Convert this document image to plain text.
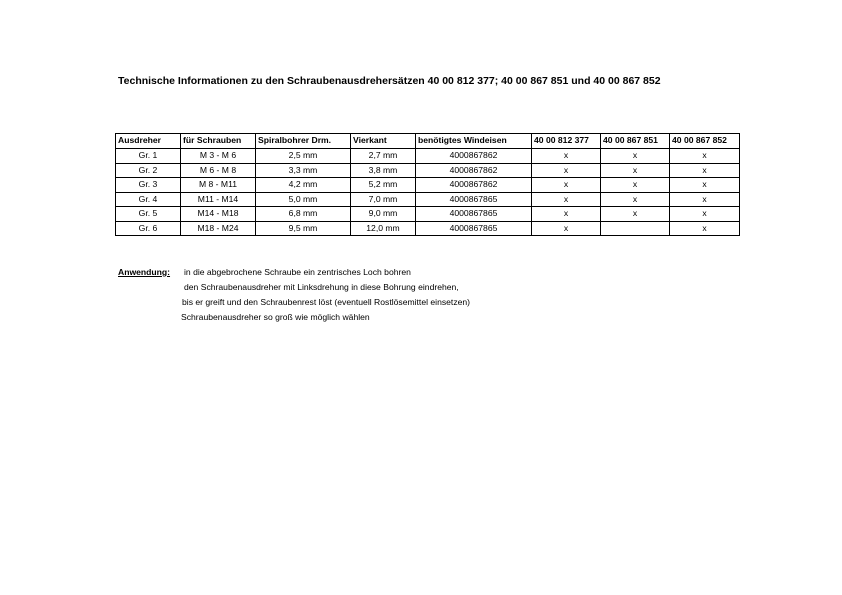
Technische Informationen zu den Schraubenausdrehersätzen 40 00 812 377; 40 00 867 851 und 40 00 867 852
Ausdreher	für Schrauben	Spiralbohrer Drm.	Vierkant	benötigtes Windeisen	40 00 812 377	40 00 867 851	40 00 867 852
Gr. 1	M 3 - M 6	2,5 mm	2,7 mm	4000867862	x	x	x
Gr. 2	M 6 - M 8	3,3 mm	3,8 mm	4000867862	x	x	x
Gr. 3	M 8 - M11	4,2 mm	5,2 mm	4000867862	x	x	x
Gr. 4	M11 - M14	5,0 mm	7,0 mm	4000867865	x	x	x
Gr. 5	M14 - M18	6,8 mm	9,0 mm	4000867865	x	x	x
Gr. 6	M18 - M24	9,5 mm	12,0 mm	4000867865	x		x
Anwendung: in die abgebrochene Schraube ein zentrisches Loch bohren
den Schraubenausdreher mit Linksdrehung in diese Bohrung eindrehen,
bis er greift und den Schraubenrest löst (eventuell Rostlösemittel einsetzen)
Schraubenausdreher so groß wie möglich wählen
